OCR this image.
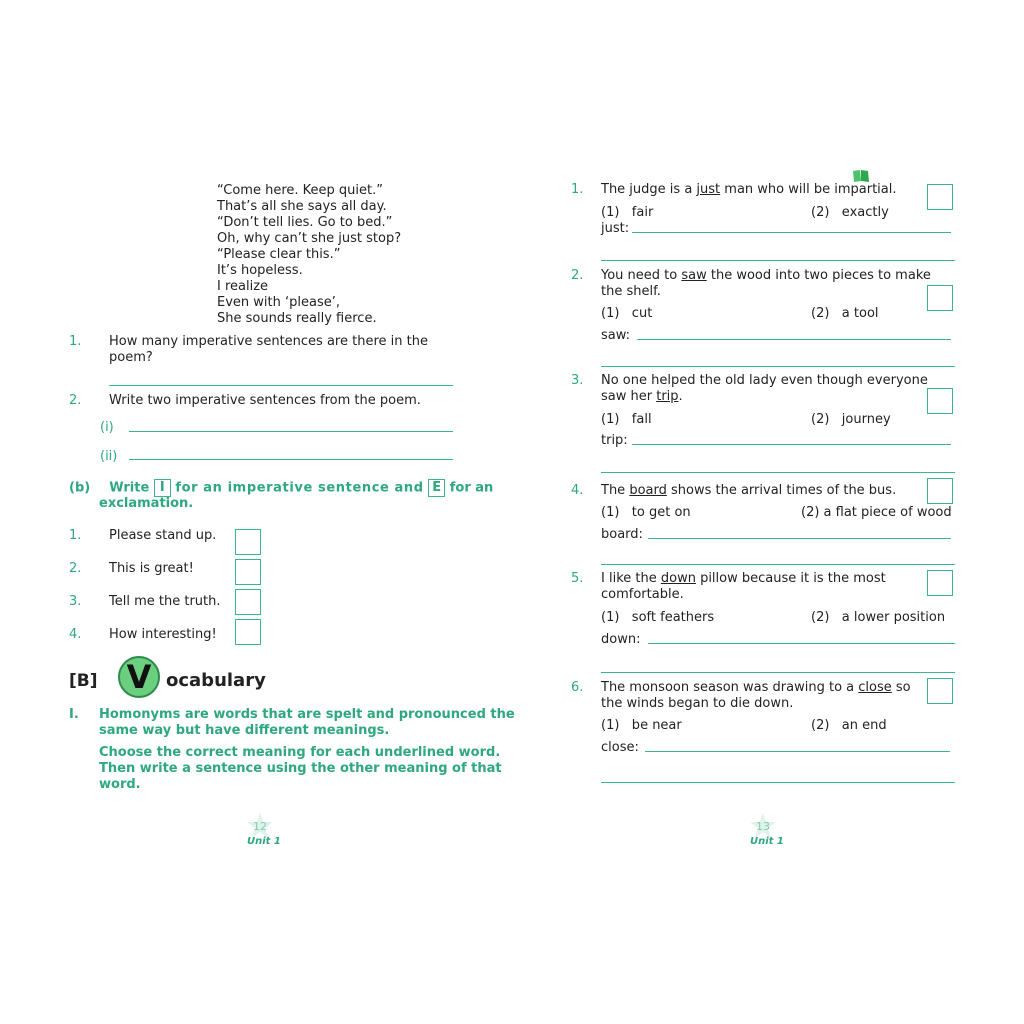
“Come here. Keep quiet.”
That’s all she says all day.
“Don’t tell lies. Go to bed.”
Oh, why can’t she just stop?
“Please clear this.”
It’s hopeless.
I realize
Even with ‘please’,
She sounds really fierce.
1. How many imperative sentences are there in the
poem?
2. Write two imperative sentences from the poem.
(i)
(ii)
(b) Write I for an imperative sentence and E for an
exclamation.
1. Please stand up.
2. This is great!
3. Tell me the truth.
4. How interesting!
[B] V ocabulary
I. Homonyms are words that are spelt and pronounced the
same way but have different meanings.
Choose the correct meaning for each underlined word.
Then write a sentence using the other meaning of that
word.
12
Unit 1
1. The judge is a just man who will be impartial.
(1)   fair	(2)   exactly
just:
2. You need to saw the wood into two pieces to make
the shelf.
(1)   cut	(2)   a tool
saw:
3. No one helped the old lady even though everyone
saw her trip.
(1)   fall	(2)   journey
trip:
4. The board shows the arrival times of the bus.
(1)   to get on	(2) a flat piece of wood
board:
5. I like the down pillow because it is the most
comfortable.
(1)   soft feathers	(2)   a lower position
down:
6. The monsoon season was drawing to a close so
the winds began to die down.
(1)   be near	(2)   an end
close:
13
Unit 1
